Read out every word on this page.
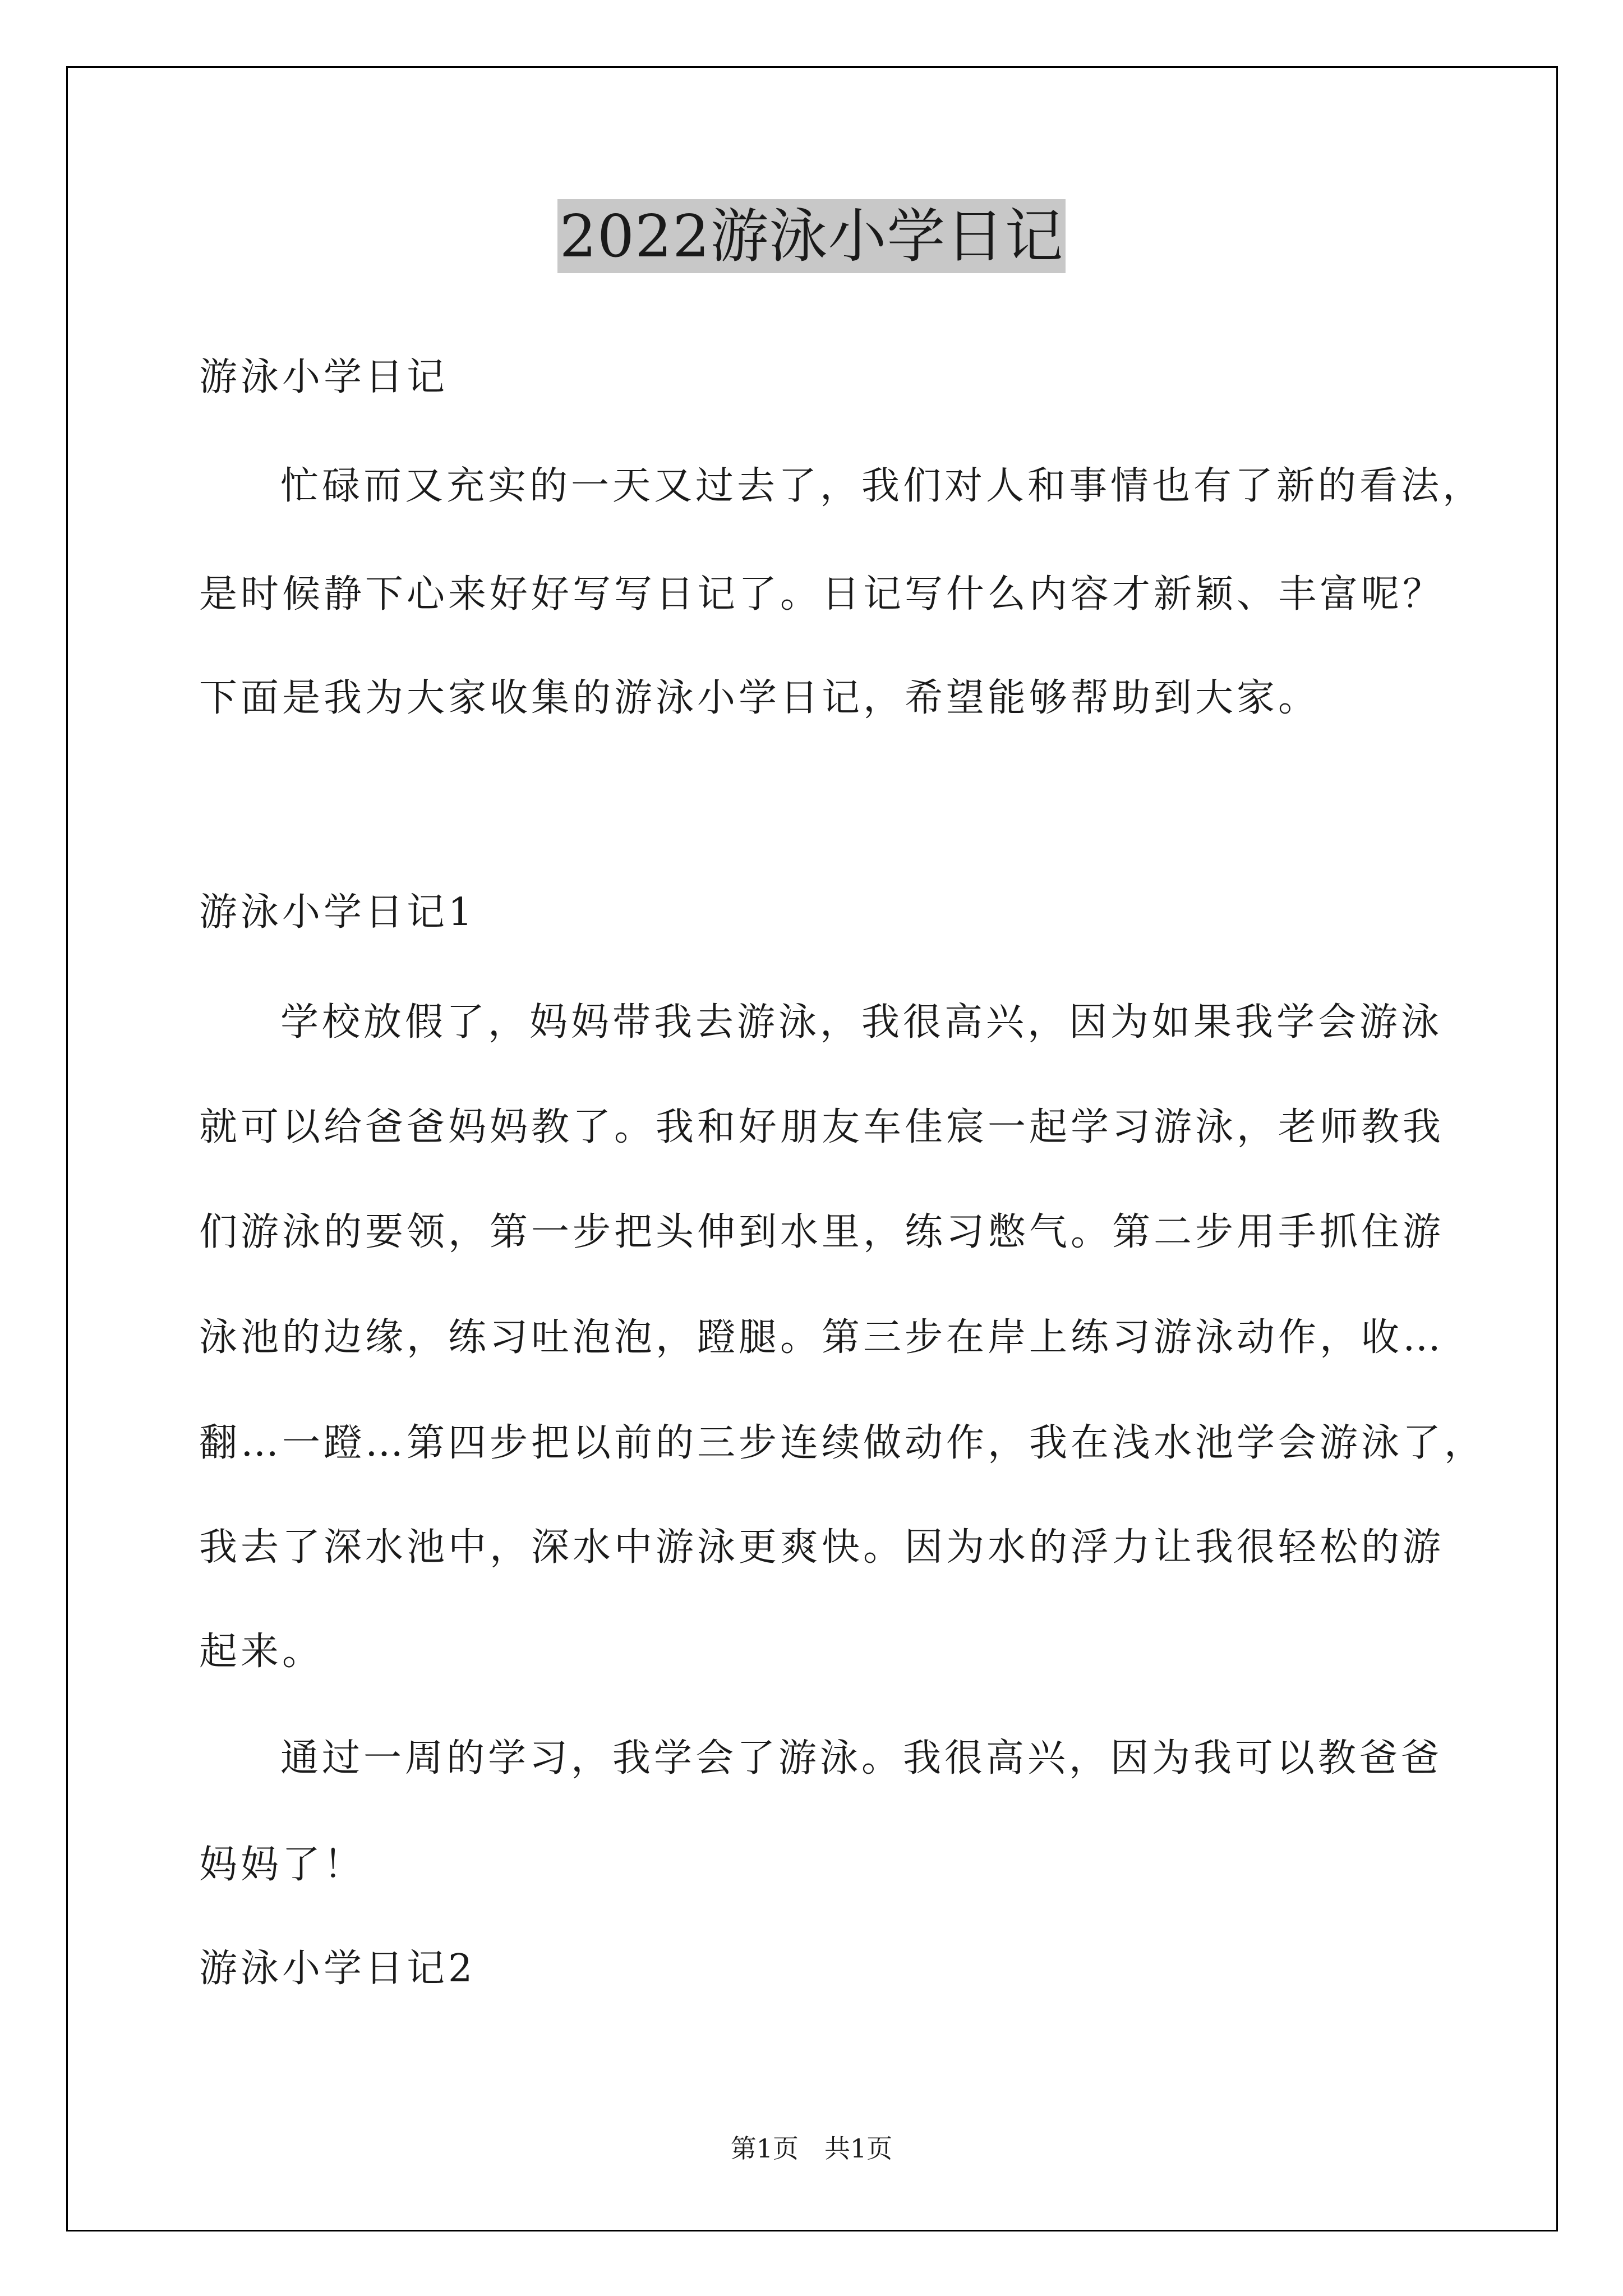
2022游泳小学日记
游泳小学日记
忙碌而又充实的一天又过去了，我们对人和事情也有了新的看法，
是时候静下心来好好写写日记了。日记写什么内容才新颖、丰富呢？
下面是我为大家收集的游泳小学日记，希望能够帮助到大家。
游泳小学日记1
学校放假了，妈妈带我去游泳，我很高兴，因为如果我学会游泳
就可以给爸爸妈妈教了。我和好朋友车佳宸一起学习游泳，老师教我
们游泳的要领，第一步把头伸到水里，练习憋气。第二步用手抓住游
泳池的边缘，练习吐泡泡，蹬腿。第三步在岸上练习游泳动作，收…
翻…一蹬…第四步把以前的三步连续做动作，我在浅水池学会游泳了，
我去了深水池中，深水中游泳更爽快。因为水的浮力让我很轻松的游
起来。
通过一周的学习，我学会了游泳。我很高兴，因为我可以教爸爸
妈妈了！
游泳小学日记2
第1页　共1页
